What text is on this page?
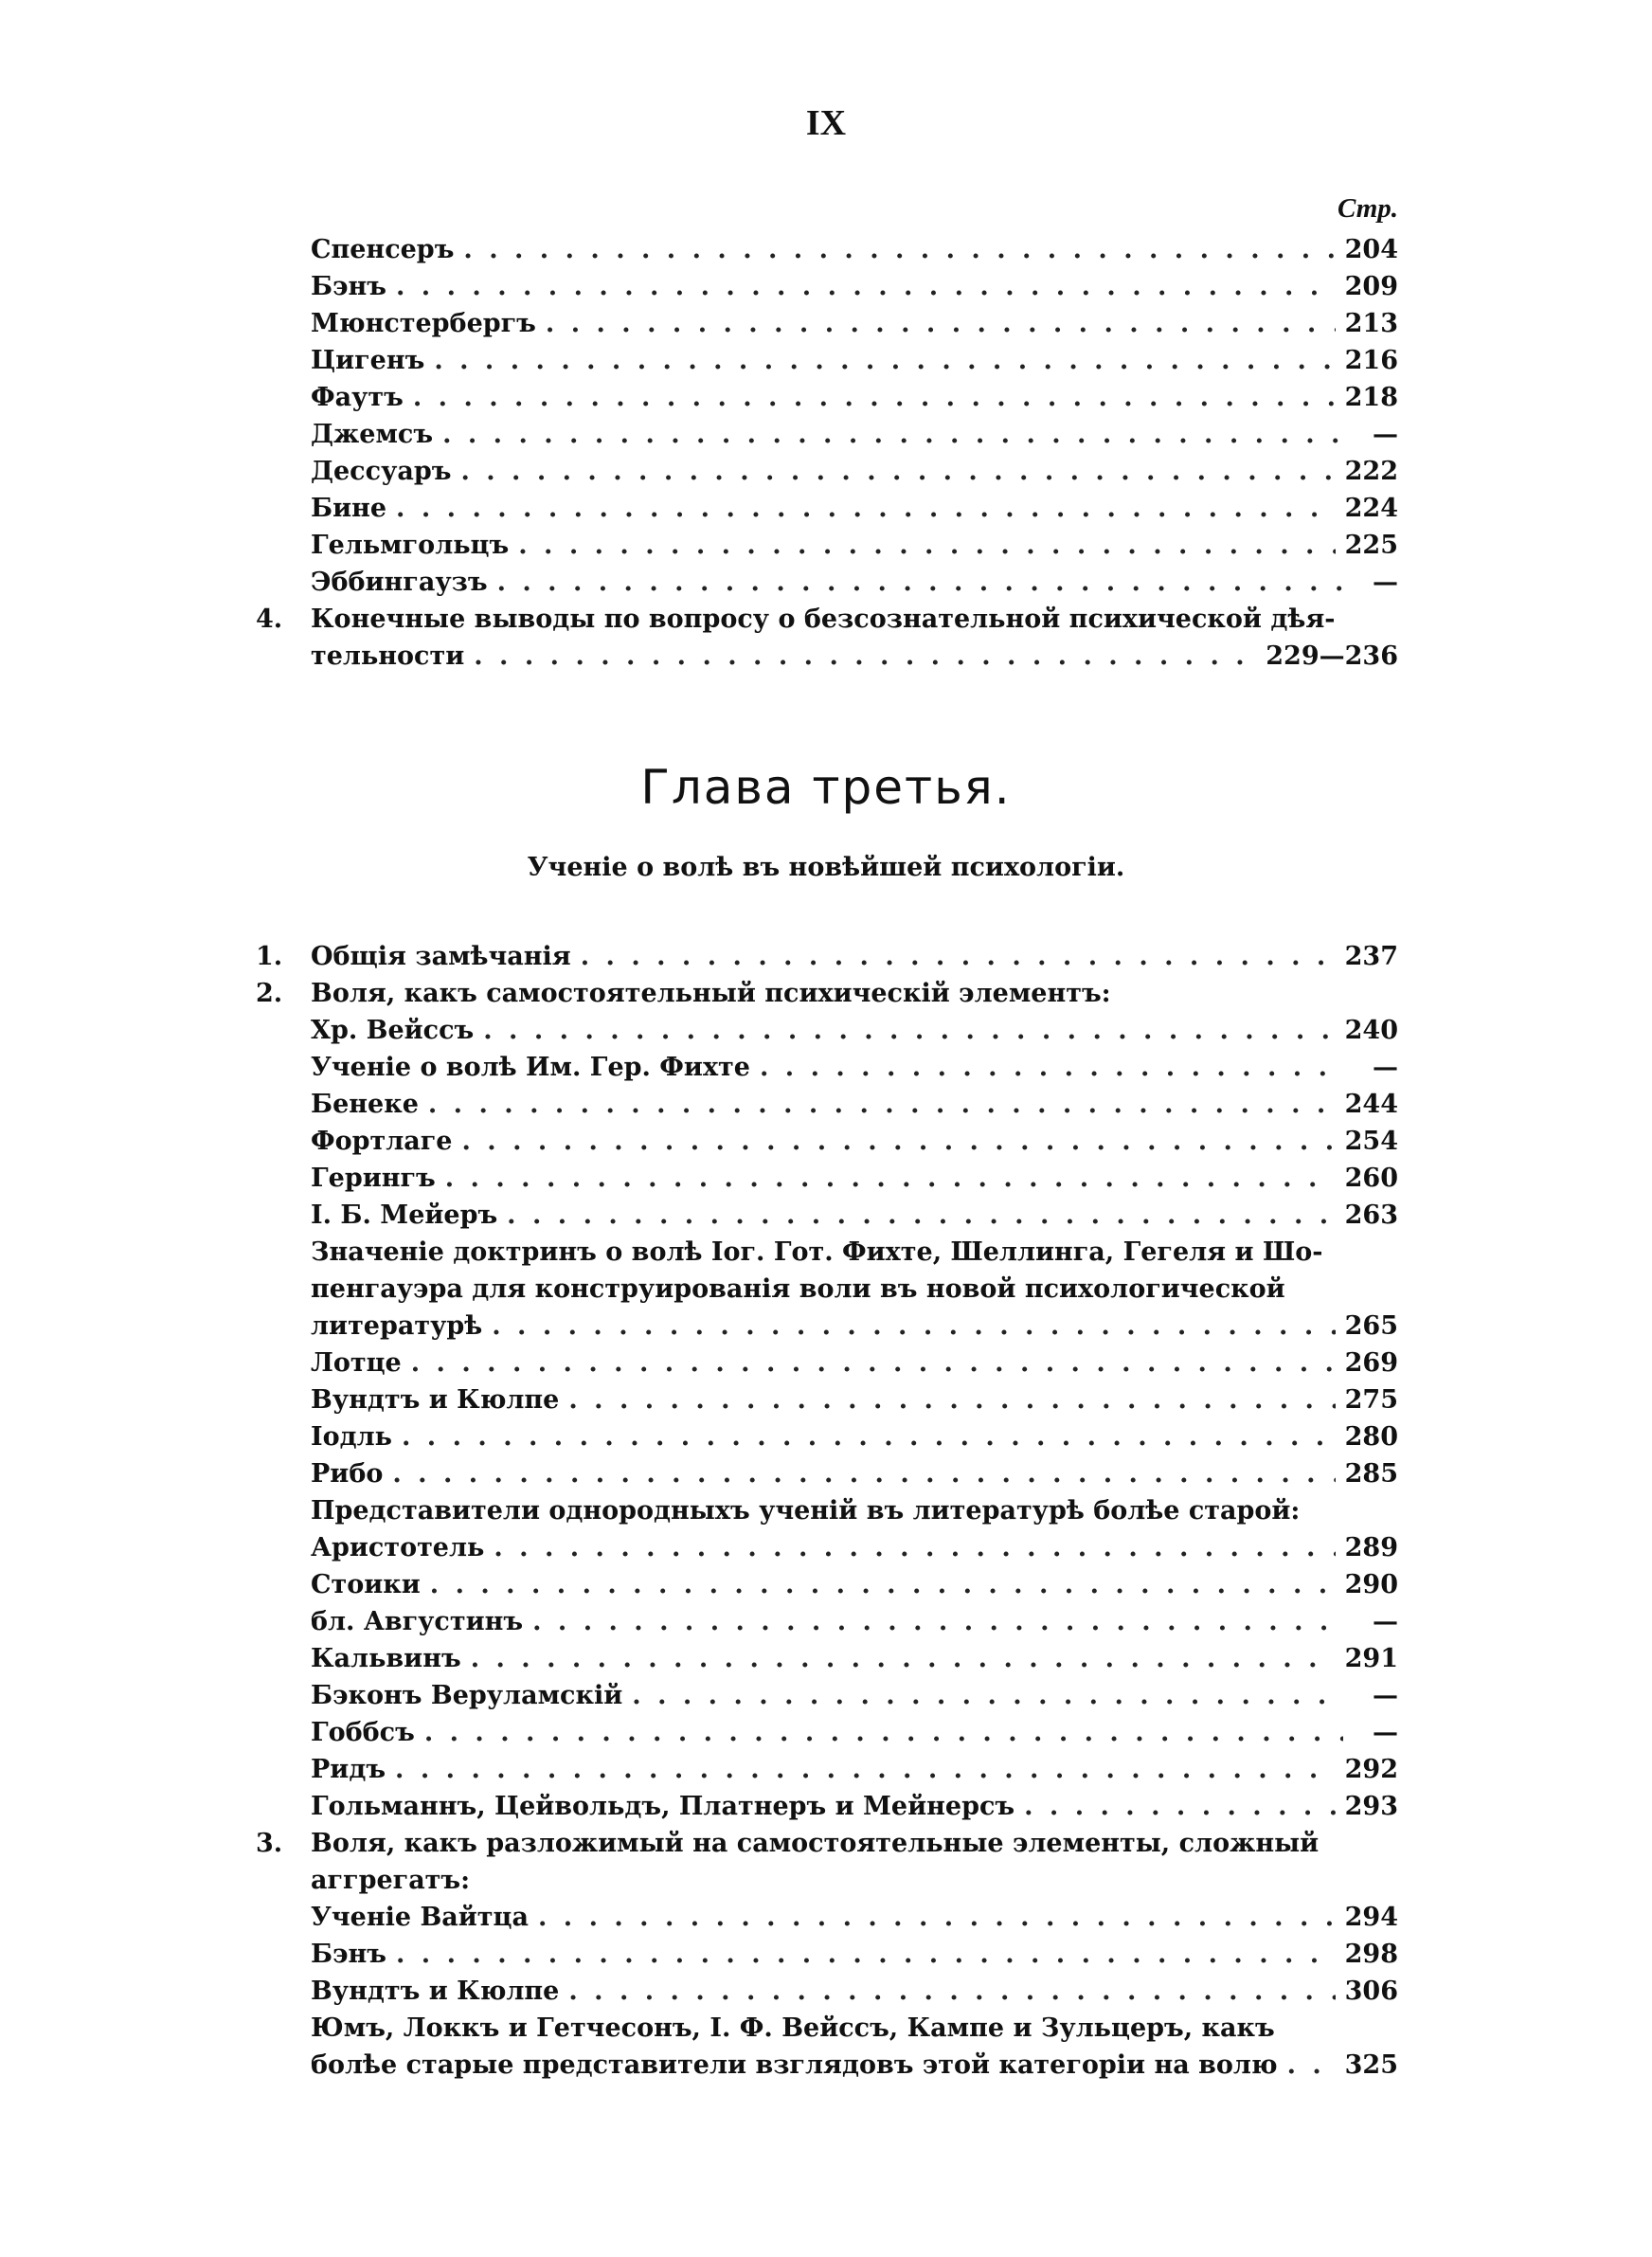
IX
Стр.
Спенсеръ . . .	204
Бэнъ . . .	209
Мюнстербергъ . . .	213
Цигенъ . . .	216
Фаутъ . . .	218
Джемсъ . . .	—
Дессуаръ . . .	222
Бине . . .	224
Гельмгольцъ . . .	225
Эббингаузъ . . .	—
4.	Конечные выводы по вопросу о безсознательной психической дѣя-
тельности . . .	229—236
Глава третья.
Ученіе о волѣ въ новѣйшей психологіи.
1.	Общія замѣчанія . . .	237
2.	Воля, какъ самостоятельный психическій элементъ:
Хр. Вейссъ . . .	240
Ученіе о волѣ Им. Гер. Фихте . . .	—
Бенеке . . .	244
Фортлаге . . .	254
Герингъ . . .	260
І. Б. Мейеръ . . .	263
Значеніе доктринъ о волѣ Іог. Гот. Фихте, Шеллинга, Гегеля и Шо-
пенгауэра для конструированія воли въ новой психологической
литературѣ . . .	265
Лотце . . .	269
Вундтъ и Кюлпе . . .	275
Іодль . . .	280
Рибо . . .	285
Представители однородныхъ ученій въ литературѣ болѣе старой:
Аристотель . . .	289
Стоики . . .	290
бл. Августинъ . . .	—
Кальвинъ . . .	291
Бэконъ Веруламскій . . .	—
Гоббсъ . . .	—
Ридъ . . .	292
Гольманнъ, Цейвольдъ, Платнеръ и Мейнерсъ . . .	293
3.	Воля, какъ разложимый на самостоятельные элементы, сложный
аггрегатъ:
Ученіе Вайтца . . .	294
Бэнъ . . .	298
Вундтъ и Кюлпе . . .	306
Юмъ, Локкъ и Гетчесонъ, І. Ф. Вейссъ, Кампе и Зульцеръ, какъ
болѣе старые представители взглядовъ этой категоріи на волю . . .	325
